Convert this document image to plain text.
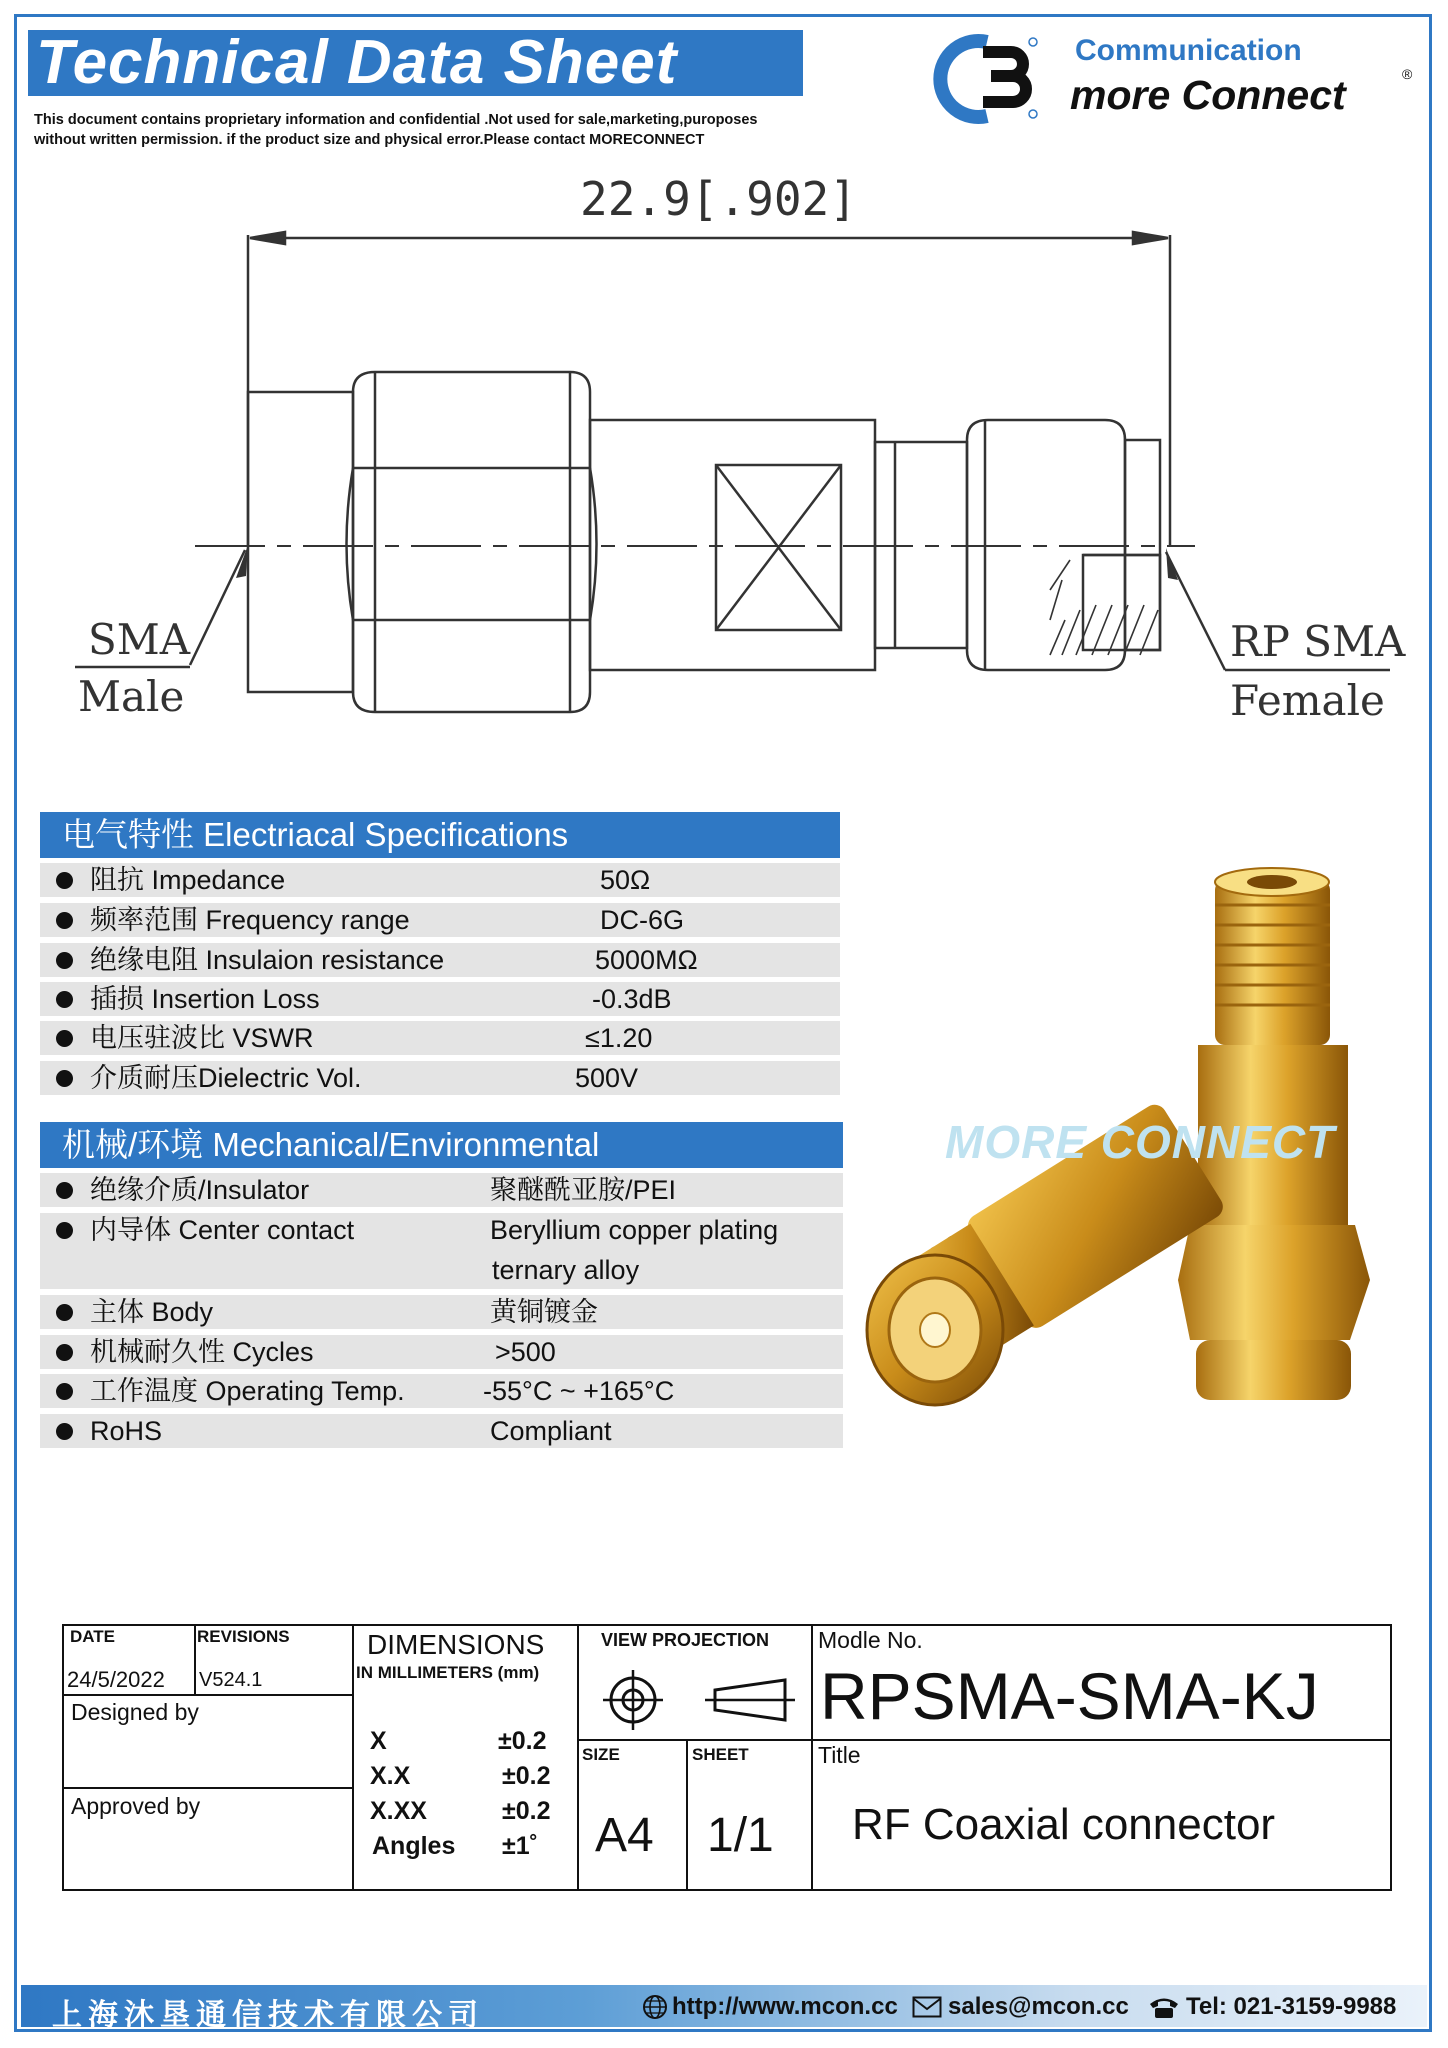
Technical Data Sheet
This document contains proprietary information and confidential .Not used for sale,marketing,puroposes
without written permission. if the product size and physical error.Please contact MORECONNECT
Communication
more Connect	®
22.9[.902]
SMA
Male
RP SMA
Female
电气特性 Electriacal Specifications
阻抗 Impedance	50Ω
频率范围 Frequency range	DC-6G
绝缘电阻 Insulaion resistance	5000MΩ
插损 Insertion Loss	-0.3dB
电压驻波比 VSWR	≤1.20
介质耐压Dielectric Vol.	500V
机械/环境 Mechanical/Environmental
绝缘介质/Insulator	聚醚酰亚胺/PEI
内导体 Center contact	Beryllium copper plating
ternary alloy
主体 Body	黄铜镀金
机械耐久性 Cycles	>500
工作温度 Operating Temp.	-55°C ~ +165°C
RoHS	Compliant
MORE CONNECT
DATE
24/5/2022
REVISIONS
V524.1
Designed by
Approved by
DIMENSIONS
IN MILLIMETERS (mm)
X	±0.2
X.X	±0.2
X.XX	±0.2
Angles ±1˚
VIEW PROJECTION
SIZE
A4
SHEET
1/1
Modle No.
RPSMA-SMA-KJ
Title
RF Coaxial connector
上海沐垦通信技术有限公司	http://www.mcon.cc sales@mcon.cc Tel: 021-3159-9988
